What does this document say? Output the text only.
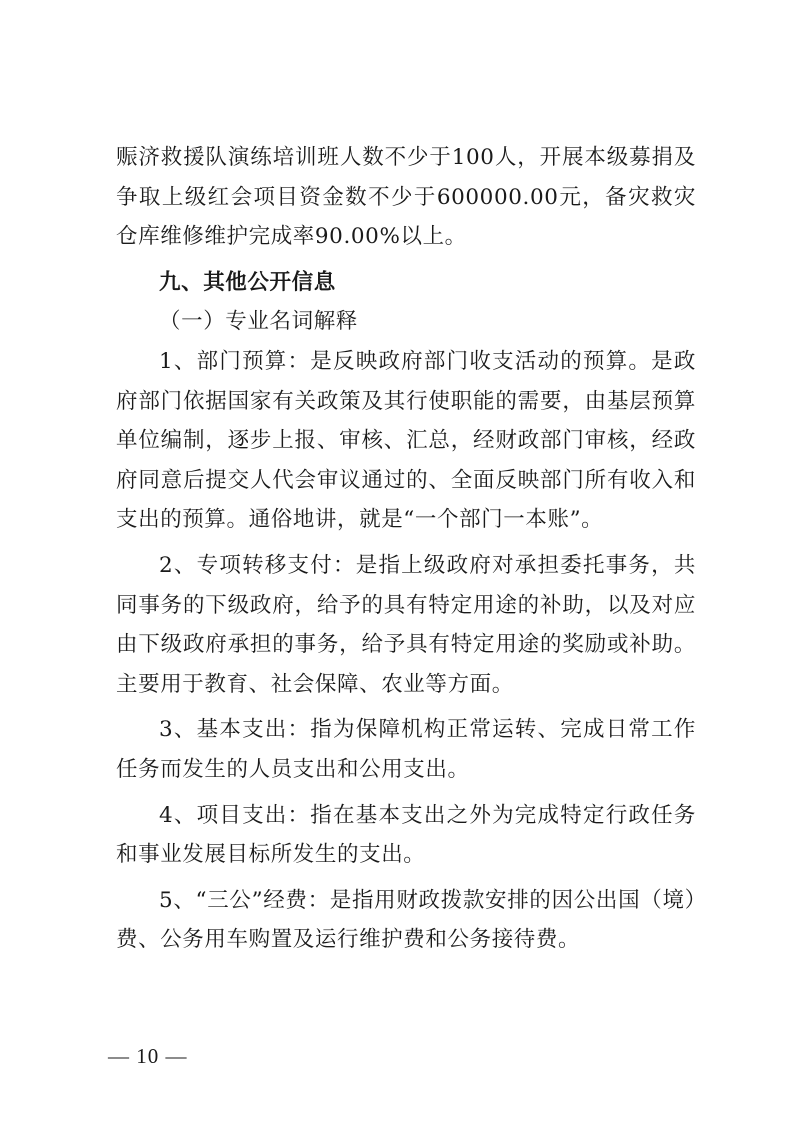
赈济救援队演练培训班人数不少于100人，开展本级募捐及争取上级红会项目资金数不少于600000.00元，备灾救灾仓库维修维护完成率90.00%以上。

九、其他公开信息

（一）专业名词解释

1、部门预算：是反映政府部门收支活动的预算。是政府部门依据国家有关政策及其行使职能的需要，由基层预算单位编制，逐步上报、审核、汇总，经财政部门审核，经政府同意后提交人代会审议通过的、全面反映部门所有收入和支出的预算。通俗地讲，就是“一个部门一本账”。

2、专项转移支付：是指上级政府对承担委托事务，共同事务的下级政府，给予的具有特定用途的补助，以及对应由下级政府承担的事务，给予具有特定用途的奖励或补助。主要用于教育、社会保障、农业等方面。

3、基本支出：指为保障机构正常运转、完成日常工作任务而发生的人员支出和公用支出。

4、项目支出：指在基本支出之外为完成特定行政任务和事业发展目标所发生的支出。

5、“三公”经费：是指用财政拨款安排的因公出国（境）费、公务用车购置及运行维护费和公务接待费。

— 10 —
